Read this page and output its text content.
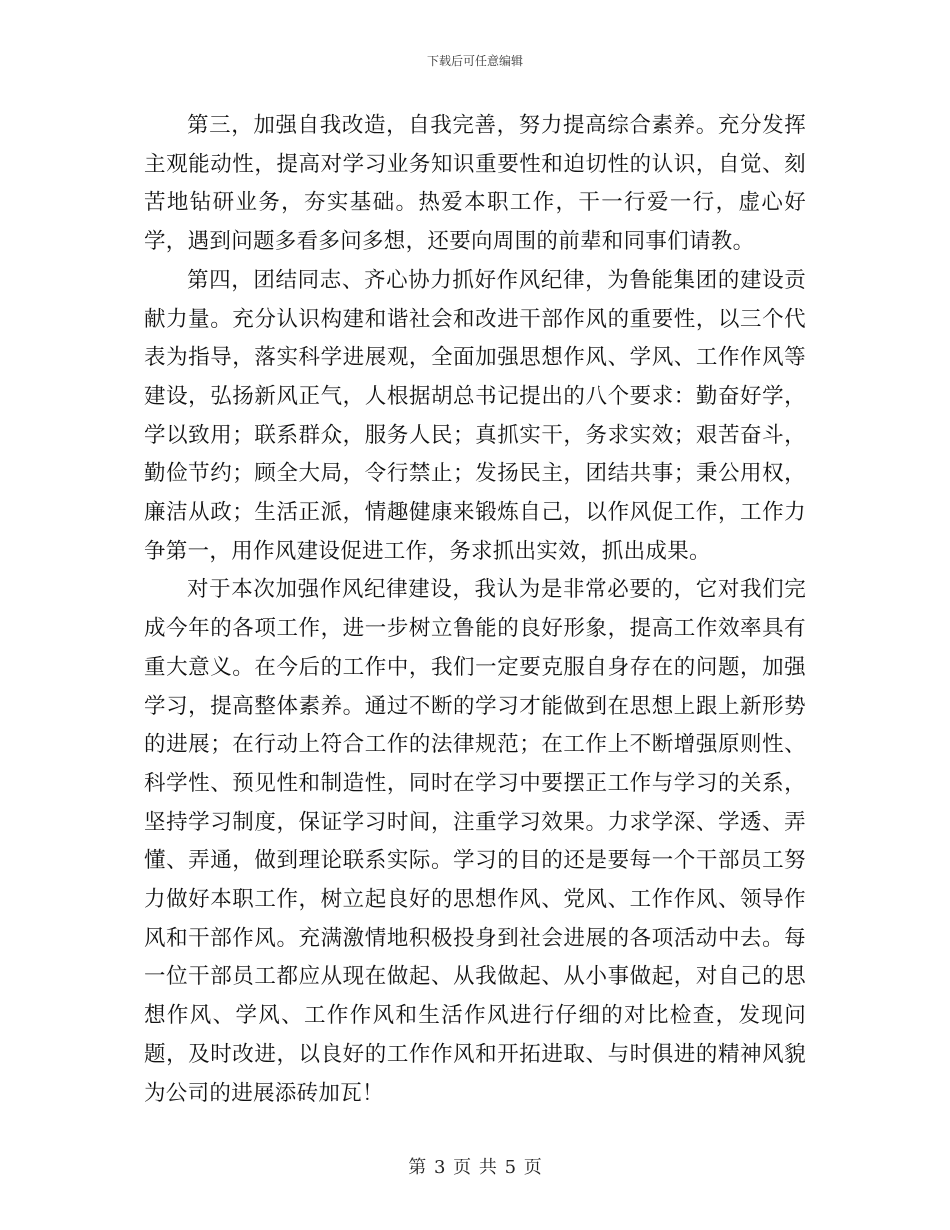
下载后可任意编辑

第三，加强自我改造，自我完善，努力提高综合素养。充分发挥主观能动性，提高对学习业务知识重要性和迫切性的认识，自觉、刻苦地钻研业务，夯实基础。热爱本职工作，干一行爱一行，虚心好学，遇到问题多看多问多想，还要向周围的前辈和同事们请教。

第四，团结同志、齐心协力抓好作风纪律，为鲁能集团的建设贡献力量。充分认识构建和谐社会和改进干部作风的重要性，以三个代表为指导，落实科学进展观，全面加强思想作风、学风、工作作风等建设，弘扬新风正气，人根据胡总书记提出的八个要求：勤奋好学，学以致用；联系群众，服务人民；真抓实干，务求实效；艰苦奋斗，勤俭节约；顾全大局，令行禁止；发扬民主，团结共事；秉公用权，廉洁从政；生活正派，情趣健康来锻炼自己，以作风促工作，工作力争第一，用作风建设促进工作，务求抓出实效，抓出成果。

对于本次加强作风纪律建设，我认为是非常必要的，它对我们完成今年的各项工作，进一步树立鲁能的良好形象，提高工作效率具有重大意义。在今后的工作中，我们一定要克服自身存在的问题，加强学习，提高整体素养。通过不断的学习才能做到在思想上跟上新形势的进展；在行动上符合工作的法律规范；在工作上不断增强原则性、科学性、预见性和制造性，同时在学习中要摆正工作与学习的关系，坚持学习制度，保证学习时间，注重学习效果。力求学深、学透、弄懂、弄通，做到理论联系实际。学习的目的还是要每一个干部员工努力做好本职工作，树立起良好的思想作风、党风、工作作风、领导作风和干部作风。充满激情地积极投身到社会进展的各项活动中去。每一位干部员工都应从现在做起、从我做起、从小事做起，对自己的思想作风、学风、工作作风和生活作风进行仔细的对比检查，发现问题，及时改进，以良好的工作作风和开拓进取、与时俱进的精神风貌为公司的进展添砖加瓦！

第 3 页 共 5 页
